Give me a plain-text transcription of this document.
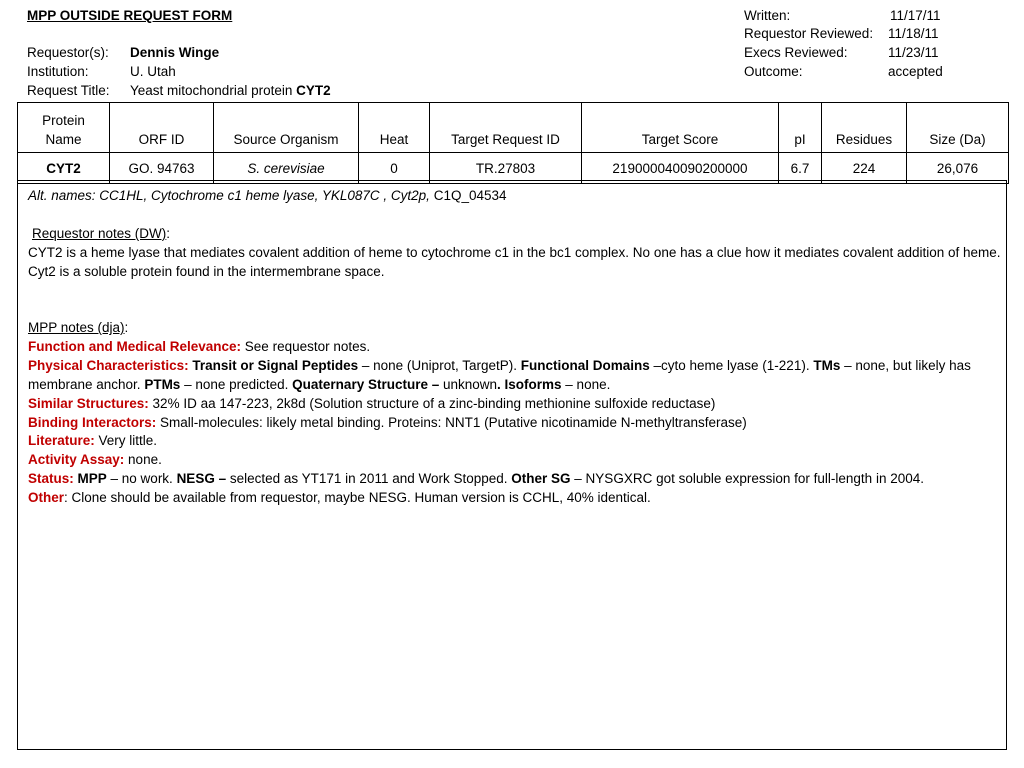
MPP OUTSIDE REQUEST FORM
Requestor(s): Dennis Winge
Institution:	U. Utah
Request Title: Yeast mitochondrial protein CYT2
Written:	11/17/11
Requestor Reviewed: 11/18/11
Execs Reviewed:	11/23/11
Outcome:	accepted
Protein
Name	ORF ID	Source Organism	Heat	Target Request ID	Target Score	pI	Residues	Size (Da)
CYT2	GO. 94763	S. cerevisiae	0	TR.27803	219000040090200000	6.7	224	26,076
Alt. names: CC1HL, Cytochrome c1 heme lyase, YKL087C , Cyt2p, C1Q_04534
Requestor notes (DW):
CYT2 is a heme lyase that mediates covalent addition of heme to cytochrome c1 in the bc1 complex. No one has a clue how it mediates covalent addition of heme. Cyt2 is a soluble protein found in the intermembrane space.
MPP notes (dja):
Function and Medical Relevance: See requestor notes.
Physical Characteristics: Transit or Signal Peptides – none (Uniprot, TargetP). Functional Domains –cyto heme lyase (1-221). TMs – none, but likely has membrane anchor. PTMs – none predicted. Quaternary Structure – unknown. Isoforms – none.
Similar Structures: 32% ID aa 147-223, 2k8d (Solution structure of a zinc-binding methionine sulfoxide reductase)
Binding Interactors: Small-molecules: likely metal binding. Proteins: NNT1 (Putative nicotinamide N-methyltransferase)
Literature: Very little.
Activity Assay: none.
Status: MPP – no work. NESG – selected as YT171 in 2011 and Work Stopped. Other SG – NYSGXRC got soluble expression for full-length in 2004.
Other: Clone should be available from requestor, maybe NESG. Human version is CCHL, 40% identical.
